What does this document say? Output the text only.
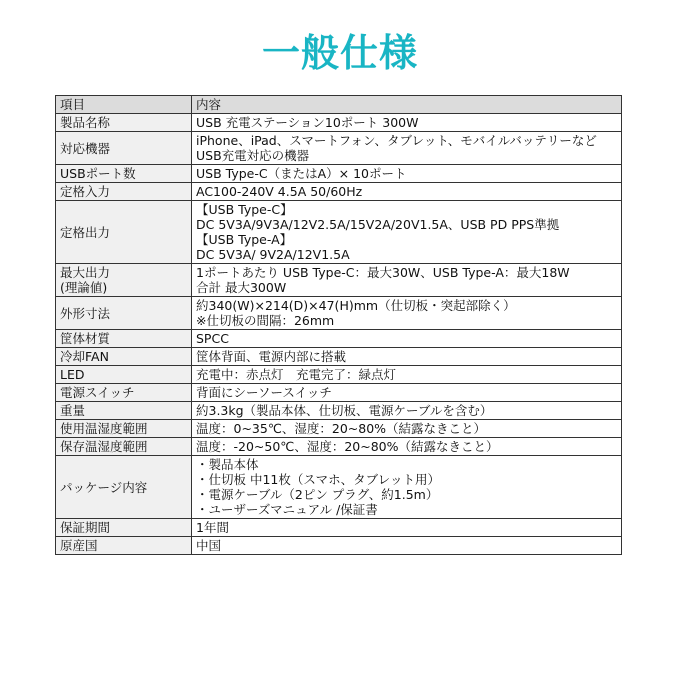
一般仕様
項目	内容

製品名称	USB 充電ステーション10ポート 300W

対応機器	iPhone、iPad、スマートフォン、タブレット、モバイルバッテリーなど
USB充電対応の機器

USBポート数	USB Type-C（またはA）× 10ポート

定格入力	AC100-240V 4.5A 50/60Hz

定格出力	【USB Type-C】
DC 5V3A/9V3A/12V2.5A/15V2A/20V1.5A、USB PD PPS準拠
【USB Type-A】
DC 5V3A/ 9V2A/12V1.5A

最大出力
(理論値)	1ポートあたり USB Type-C：最大30W、USB Type-A：最大18W
合計 最大300W

外形寸法	約340(W)×214(D)×47(H)mm（仕切板・突起部除く）
※仕切板の間隔：26mm

筐体材質	SPCC

冷却FAN	筐体背面、電源内部に搭載

LED	充電中：赤点灯　充電完了：緑点灯

電源スイッチ	背面にシーソースイッチ

重量	約3.3kg（製品本体、仕切板、電源ケーブルを含む）

使用温湿度範囲	温度：0~35℃、湿度：20~80%（結露なきこと）

保存温湿度範囲	温度：-20~50℃、湿度：20~80%（結露なきこと）

パッケージ内容	・製品本体
・仕切板 中11枚（スマホ、タブレット用）
・電源ケーブル（2ピン プラグ、約1.5m）
・ユーザーズマニュアル /保証書

保証期間	1年間

原産国	中国
